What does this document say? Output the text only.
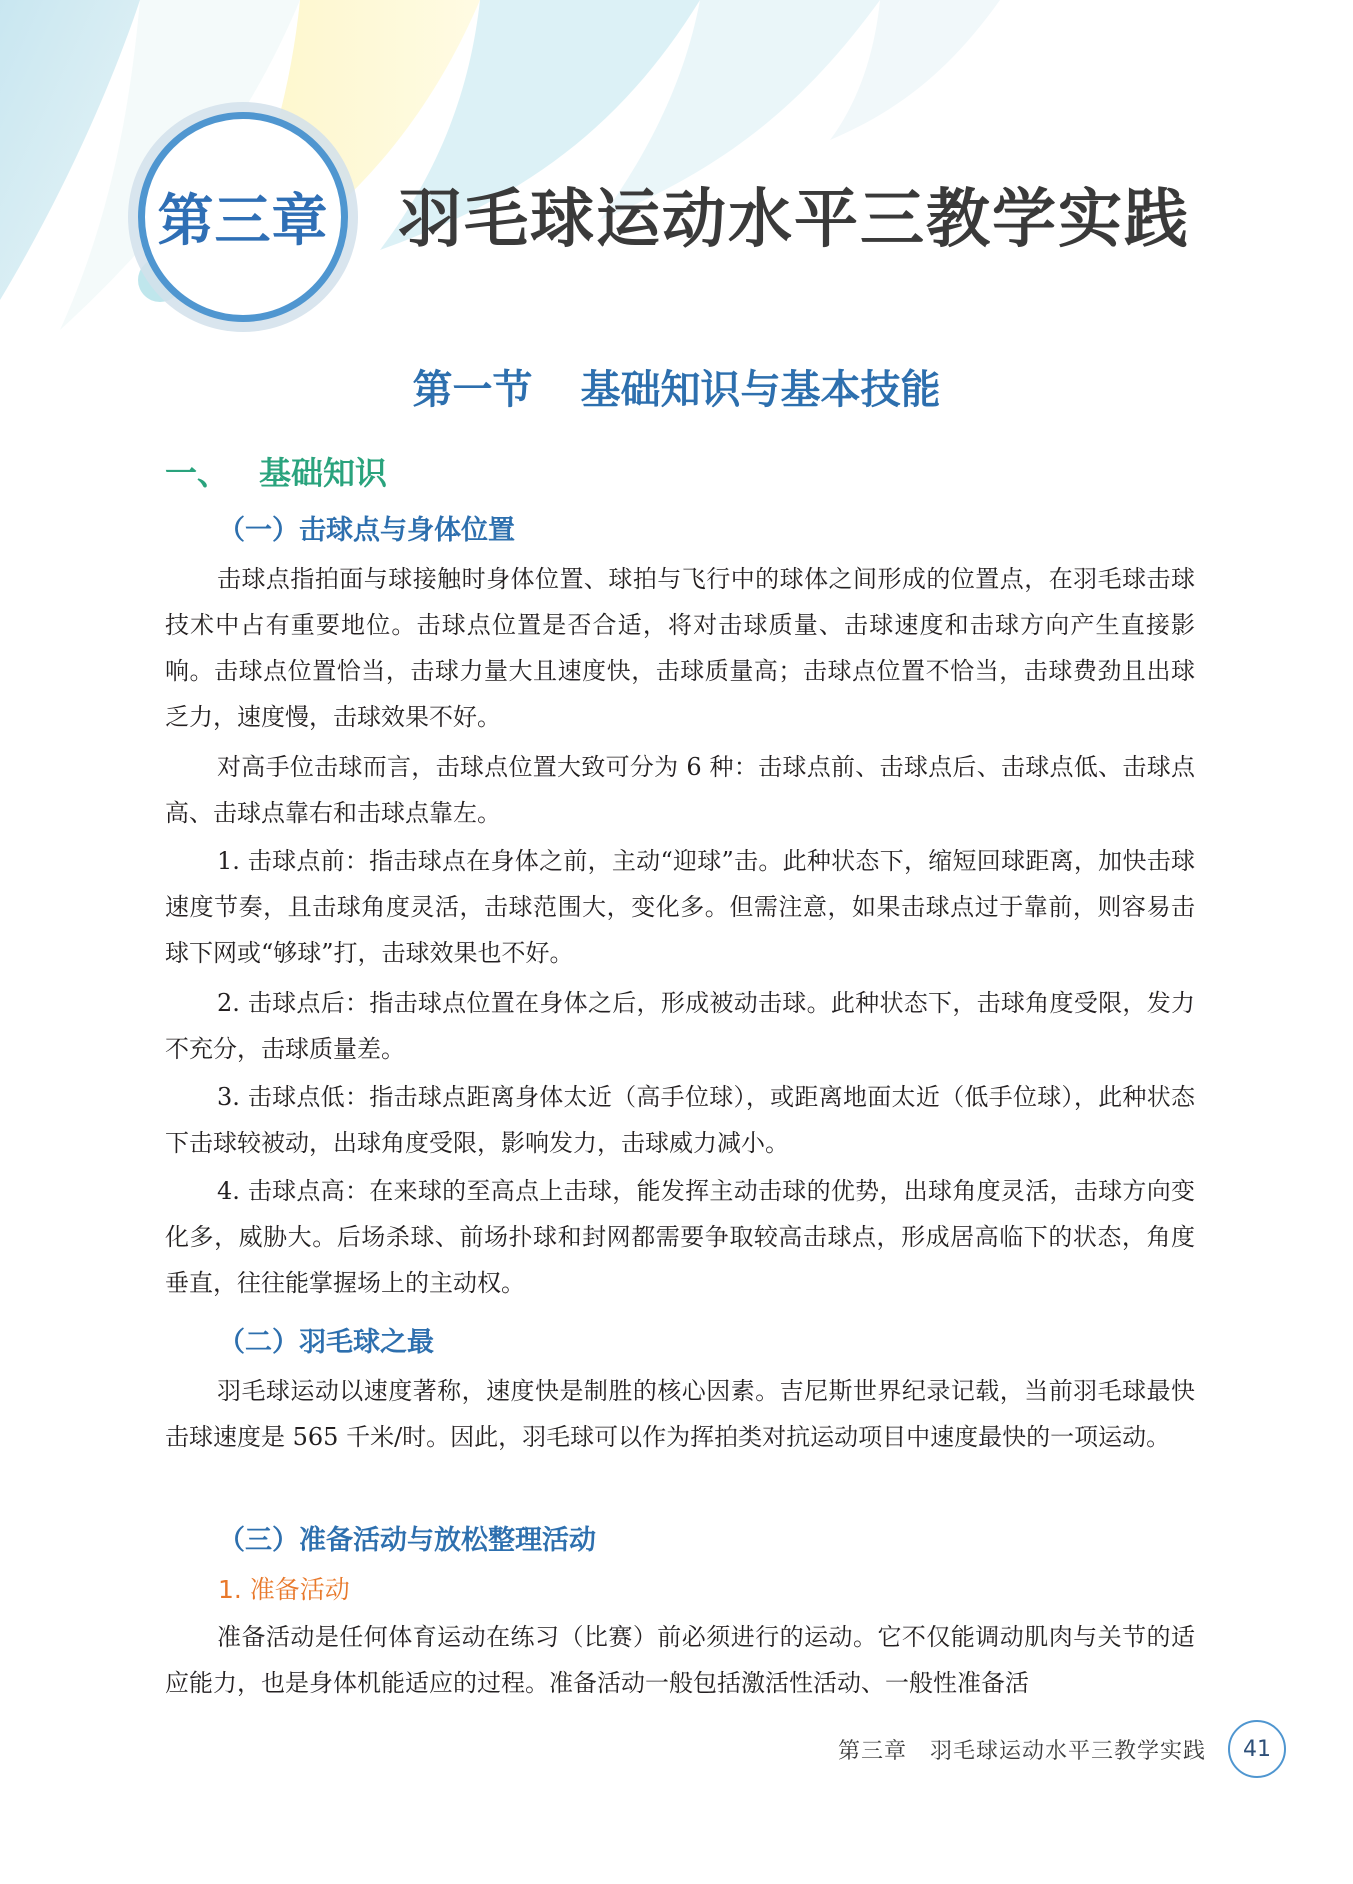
第三章 羽毛球运动水平三教学实践
第一节 基础知识与基本技能
一、 基础知识
（一）击球点与身体位置

击球点指拍面与球接触时身体位置、球拍与飞行中的球体之间形成的位置点，在羽毛球击球技术中占有重要地位。击球点位置是否合适，将对击球质量、击球速度和击球方向产生直接影响。击球点位置恰当，击球力量大且速度快，击球质量高；击球点位置不恰当，击球费劲且出球乏力，速度慢，击球效果不好。

对高手位击球而言，击球点位置大致可分为 6 种：击球点前、击球点后、击球点低、击球点高、击球点靠右和击球点靠左。

1. 击球点前：指击球点在身体之前，主动“迎球”击。此种状态下，缩短回球距离，加快击球速度节奏，且击球角度灵活，击球范围大，变化多。但需注意，如果击球点过于靠前，则容易击球下网或“够球”打，击球效果也不好。

2. 击球点后：指击球点位置在身体之后，形成被动击球。此种状态下，击球角度受限，发力不充分，击球质量差。

3. 击球点低：指击球点距离身体太近（高手位球），或距离地面太近（低手位球），此种状态下击球较被动，出球角度受限，影响发力，击球威力减小。

4. 击球点高：在来球的至高点上击球，能发挥主动击球的优势，出球角度灵活，击球方向变化多，威胁大。后场杀球、前场扑球和封网都需要争取较高击球点，形成居高临下的状态，角度垂直，往往能掌握场上的主动权。

（二）羽毛球之最

羽毛球运动以速度著称，速度快是制胜的核心因素。吉尼斯世界纪录记载，当前羽毛球最快击球速度是 565 千米/时。因此，羽毛球可以作为挥拍类对抗运动项目中速度最快的一项运动。

（三）准备活动与放松整理活动
1. 准备活动

准备活动是任何体育运动在练习（比赛）前必须进行的运动。它不仅能调动肌肉与关节的适应能力，也是身体机能适应的过程。准备活动一般包括激活性活动、一般性准备活

第三章　羽毛球运动水平三教学实践	41
